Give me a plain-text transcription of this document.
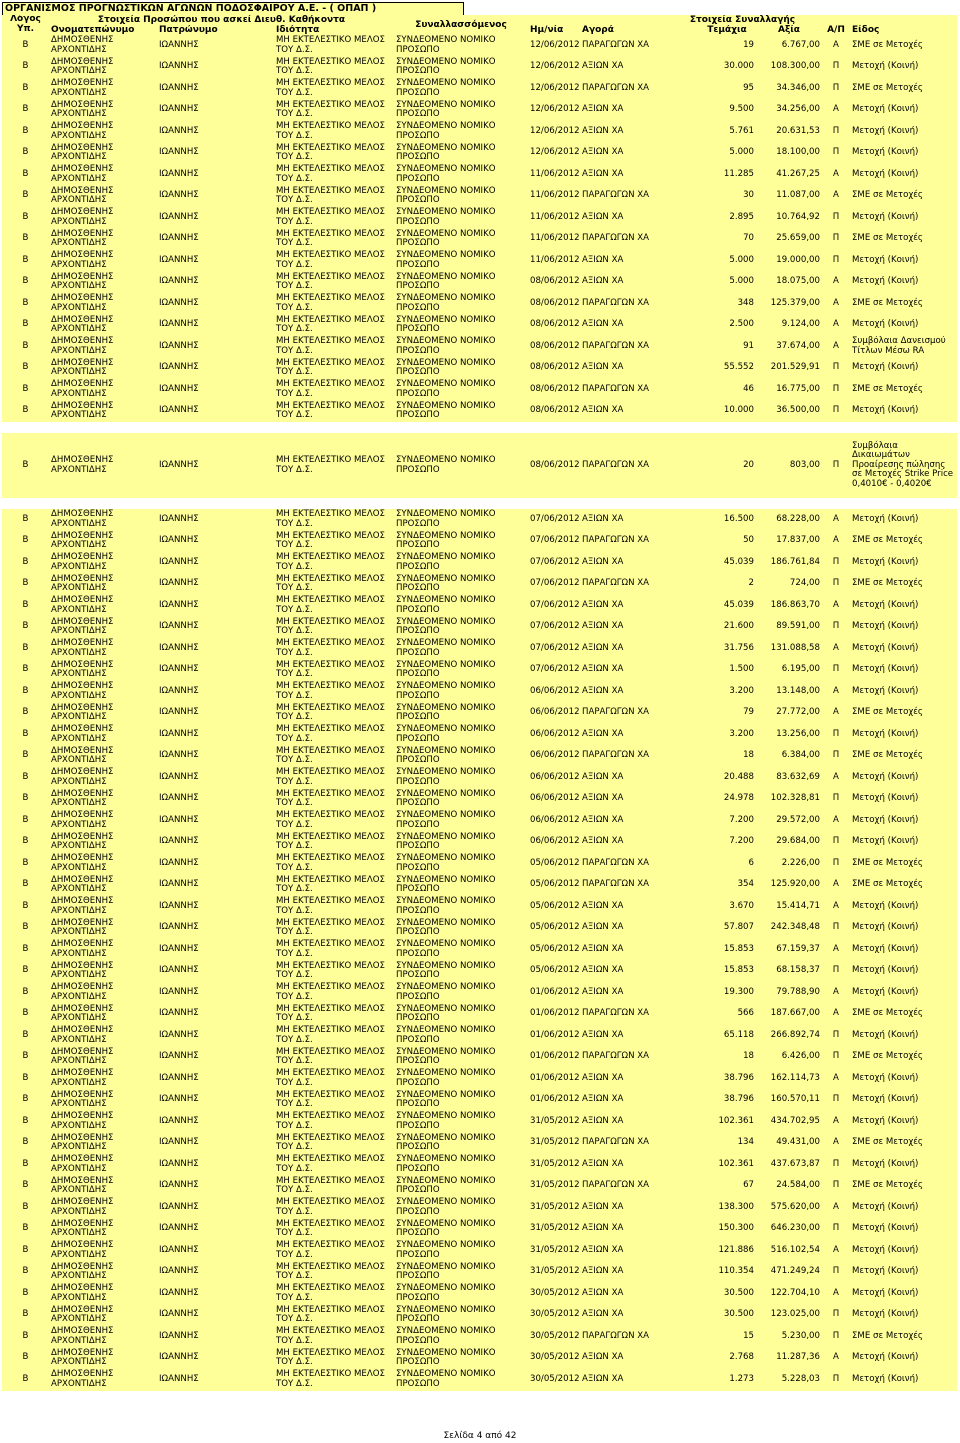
ΟΡΓΑΝΙΣΜΟΣ ΠΡΟΓΝΩΣΤΙΚΩΝ ΑΓΩΝΩΝ ΠΟΔΟΣΦΑΙΡΟΥ Α.Ε. - ( ΟΠΑΠ )
Λόγος Υπ.	Στοιχεία Προσώπου που ασκεί Διευθ. Καθήκοντα			Συναλλασσόμενος	Στοιχεία Συναλλαγής					
	Ονοματεπώνυμο	Πατρώνυμο	Ιδιότητα		Ημ/νία	Αγορά	Τεμάχια	Αξία	Α/Π	Είδος
Β	ΔΗΜΟΣΘΕΝΗΣ ΑΡΧΟΝΤΙΔΗΣ	ΙΩΑΝΝΗΣ	ΜΗ ΕΚΤΕΛΕΣΤΙΚΟ ΜΕΛΟΣ ΤΟΥ Δ.Σ.	ΣΥΝΔΕΟΜΕΝΟ ΝΟΜΙΚΟ ΠΡΟΣΩΠΟ	12/06/2012	ΠΑΡΑΓΩΓΩΝ ΧΑ	19	6.767,00	Α	ΣΜΕ σε Μετοχές
Β	ΔΗΜΟΣΘΕΝΗΣ ΑΡΧΟΝΤΙΔΗΣ	ΙΩΑΝΝΗΣ	ΜΗ ΕΚΤΕΛΕΣΤΙΚΟ ΜΕΛΟΣ ΤΟΥ Δ.Σ.	ΣΥΝΔΕΟΜΕΝΟ ΝΟΜΙΚΟ ΠΡΟΣΩΠΟ	12/06/2012	ΑΞΙΩΝ ΧΑ	30.000	108.300,00	Π	Μετοχή (Κοινή)
Β	ΔΗΜΟΣΘΕΝΗΣ ΑΡΧΟΝΤΙΔΗΣ	ΙΩΑΝΝΗΣ	ΜΗ ΕΚΤΕΛΕΣΤΙΚΟ ΜΕΛΟΣ ΤΟΥ Δ.Σ.	ΣΥΝΔΕΟΜΕΝΟ ΝΟΜΙΚΟ ΠΡΟΣΩΠΟ	12/06/2012	ΠΑΡΑΓΩΓΩΝ ΧΑ	95	34.346,00	Π	ΣΜΕ σε Μετοχές
Β	ΔΗΜΟΣΘΕΝΗΣ ΑΡΧΟΝΤΙΔΗΣ	ΙΩΑΝΝΗΣ	ΜΗ ΕΚΤΕΛΕΣΤΙΚΟ ΜΕΛΟΣ ΤΟΥ Δ.Σ.	ΣΥΝΔΕΟΜΕΝΟ ΝΟΜΙΚΟ ΠΡΟΣΩΠΟ	12/06/2012	ΑΞΙΩΝ ΧΑ	9.500	34.256,00	Α	Μετοχή (Κοινή)
Β	ΔΗΜΟΣΘΕΝΗΣ ΑΡΧΟΝΤΙΔΗΣ	ΙΩΑΝΝΗΣ	ΜΗ ΕΚΤΕΛΕΣΤΙΚΟ ΜΕΛΟΣ ΤΟΥ Δ.Σ.	ΣΥΝΔΕΟΜΕΝΟ ΝΟΜΙΚΟ ΠΡΟΣΩΠΟ	12/06/2012	ΑΞΙΩΝ ΧΑ	5.761	20.631,53	Π	Μετοχή (Κοινή)
Β	ΔΗΜΟΣΘΕΝΗΣ ΑΡΧΟΝΤΙΔΗΣ	ΙΩΑΝΝΗΣ	ΜΗ ΕΚΤΕΛΕΣΤΙΚΟ ΜΕΛΟΣ ΤΟΥ Δ.Σ.	ΣΥΝΔΕΟΜΕΝΟ ΝΟΜΙΚΟ ΠΡΟΣΩΠΟ	12/06/2012	ΑΞΙΩΝ ΧΑ	5.000	18.100,00	Π	Μετοχή (Κοινή)
Β	ΔΗΜΟΣΘΕΝΗΣ ΑΡΧΟΝΤΙΔΗΣ	ΙΩΑΝΝΗΣ	ΜΗ ΕΚΤΕΛΕΣΤΙΚΟ ΜΕΛΟΣ ΤΟΥ Δ.Σ.	ΣΥΝΔΕΟΜΕΝΟ ΝΟΜΙΚΟ ΠΡΟΣΩΠΟ	11/06/2012	ΑΞΙΩΝ ΧΑ	11.285	41.267,25	Α	Μετοχή (Κοινή)
Β	ΔΗΜΟΣΘΕΝΗΣ ΑΡΧΟΝΤΙΔΗΣ	ΙΩΑΝΝΗΣ	ΜΗ ΕΚΤΕΛΕΣΤΙΚΟ ΜΕΛΟΣ ΤΟΥ Δ.Σ.	ΣΥΝΔΕΟΜΕΝΟ ΝΟΜΙΚΟ ΠΡΟΣΩΠΟ	11/06/2012	ΠΑΡΑΓΩΓΩΝ ΧΑ	30	11.087,00	Α	ΣΜΕ σε Μετοχές
Β	ΔΗΜΟΣΘΕΝΗΣ ΑΡΧΟΝΤΙΔΗΣ	ΙΩΑΝΝΗΣ	ΜΗ ΕΚΤΕΛΕΣΤΙΚΟ ΜΕΛΟΣ ΤΟΥ Δ.Σ.	ΣΥΝΔΕΟΜΕΝΟ ΝΟΜΙΚΟ ΠΡΟΣΩΠΟ	11/06/2012	ΑΞΙΩΝ ΧΑ	2.895	10.764,92	Π	Μετοχή (Κοινή)
Β	ΔΗΜΟΣΘΕΝΗΣ ΑΡΧΟΝΤΙΔΗΣ	ΙΩΑΝΝΗΣ	ΜΗ ΕΚΤΕΛΕΣΤΙΚΟ ΜΕΛΟΣ ΤΟΥ Δ.Σ.	ΣΥΝΔΕΟΜΕΝΟ ΝΟΜΙΚΟ ΠΡΟΣΩΠΟ	11/06/2012	ΠΑΡΑΓΩΓΩΝ ΧΑ	70	25.659,00	Π	ΣΜΕ σε Μετοχές
Β	ΔΗΜΟΣΘΕΝΗΣ ΑΡΧΟΝΤΙΔΗΣ	ΙΩΑΝΝΗΣ	ΜΗ ΕΚΤΕΛΕΣΤΙΚΟ ΜΕΛΟΣ ΤΟΥ Δ.Σ.	ΣΥΝΔΕΟΜΕΝΟ ΝΟΜΙΚΟ ΠΡΟΣΩΠΟ	11/06/2012	ΑΞΙΩΝ ΧΑ	5.000	19.000,00	Π	Μετοχή (Κοινή)
Β	ΔΗΜΟΣΘΕΝΗΣ ΑΡΧΟΝΤΙΔΗΣ	ΙΩΑΝΝΗΣ	ΜΗ ΕΚΤΕΛΕΣΤΙΚΟ ΜΕΛΟΣ ΤΟΥ Δ.Σ.	ΣΥΝΔΕΟΜΕΝΟ ΝΟΜΙΚΟ ΠΡΟΣΩΠΟ	08/06/2012	ΑΞΙΩΝ ΧΑ	5.000	18.075,00	Α	Μετοχή (Κοινή)
Β	ΔΗΜΟΣΘΕΝΗΣ ΑΡΧΟΝΤΙΔΗΣ	ΙΩΑΝΝΗΣ	ΜΗ ΕΚΤΕΛΕΣΤΙΚΟ ΜΕΛΟΣ ΤΟΥ Δ.Σ.	ΣΥΝΔΕΟΜΕΝΟ ΝΟΜΙΚΟ ΠΡΟΣΩΠΟ	08/06/2012	ΠΑΡΑΓΩΓΩΝ ΧΑ	348	125.379,00	Α	ΣΜΕ σε Μετοχές
Β	ΔΗΜΟΣΘΕΝΗΣ ΑΡΧΟΝΤΙΔΗΣ	ΙΩΑΝΝΗΣ	ΜΗ ΕΚΤΕΛΕΣΤΙΚΟ ΜΕΛΟΣ ΤΟΥ Δ.Σ.	ΣΥΝΔΕΟΜΕΝΟ ΝΟΜΙΚΟ ΠΡΟΣΩΠΟ	08/06/2012	ΑΞΙΩΝ ΧΑ	2.500	9.124,00	Α	Μετοχή (Κοινή)
Β	ΔΗΜΟΣΘΕΝΗΣ ΑΡΧΟΝΤΙΔΗΣ	ΙΩΑΝΝΗΣ	ΜΗ ΕΚΤΕΛΕΣΤΙΚΟ ΜΕΛΟΣ ΤΟΥ Δ.Σ.	ΣΥΝΔΕΟΜΕΝΟ ΝΟΜΙΚΟ ΠΡΟΣΩΠΟ	08/06/2012	ΠΑΡΑΓΩΓΩΝ ΧΑ	91	37.674,00	Α	Συμβόλαια Δανεισμού Τίτλων Μέσω RA
Β	ΔΗΜΟΣΘΕΝΗΣ ΑΡΧΟΝΤΙΔΗΣ	ΙΩΑΝΝΗΣ	ΜΗ ΕΚΤΕΛΕΣΤΙΚΟ ΜΕΛΟΣ ΤΟΥ Δ.Σ.	ΣΥΝΔΕΟΜΕΝΟ ΝΟΜΙΚΟ ΠΡΟΣΩΠΟ	08/06/2012	ΑΞΙΩΝ ΧΑ	55.552	201.529,91	Π	Μετοχή (Κοινή)
Β	ΔΗΜΟΣΘΕΝΗΣ ΑΡΧΟΝΤΙΔΗΣ	ΙΩΑΝΝΗΣ	ΜΗ ΕΚΤΕΛΕΣΤΙΚΟ ΜΕΛΟΣ ΤΟΥ Δ.Σ.	ΣΥΝΔΕΟΜΕΝΟ ΝΟΜΙΚΟ ΠΡΟΣΩΠΟ	08/06/2012	ΠΑΡΑΓΩΓΩΝ ΧΑ	46	16.775,00	Π	ΣΜΕ σε Μετοχές
Β	ΔΗΜΟΣΘΕΝΗΣ ΑΡΧΟΝΤΙΔΗΣ	ΙΩΑΝΝΗΣ	ΜΗ ΕΚΤΕΛΕΣΤΙΚΟ ΜΕΛΟΣ ΤΟΥ Δ.Σ.	ΣΥΝΔΕΟΜΕΝΟ ΝΟΜΙΚΟ ΠΡΟΣΩΠΟ	08/06/2012	ΑΞΙΩΝ ΧΑ	10.000	36.500,00	Π	Μετοχή (Κοινή)

Β	ΔΗΜΟΣΘΕΝΗΣ ΑΡΧΟΝΤΙΔΗΣ	ΙΩΑΝΝΗΣ	ΜΗ ΕΚΤΕΛΕΣΤΙΚΟ ΜΕΛΟΣ ΤΟΥ Δ.Σ.	ΣΥΝΔΕΟΜΕΝΟ ΝΟΜΙΚΟ ΠΡΟΣΩΠΟ	08/06/2012	ΠΑΡΑΓΩΓΩΝ ΧΑ	20	803,00	Π	Συμβόλαια Δικαιωμάτων Προαίρεσης πώλησης σε Μετοχές Strike Price 0,4010€ - 0,4020€

Β	ΔΗΜΟΣΘΕΝΗΣ ΑΡΧΟΝΤΙΔΗΣ	ΙΩΑΝΝΗΣ	ΜΗ ΕΚΤΕΛΕΣΤΙΚΟ ΜΕΛΟΣ ΤΟΥ Δ.Σ.	ΣΥΝΔΕΟΜΕΝΟ ΝΟΜΙΚΟ ΠΡΟΣΩΠΟ	07/06/2012	ΑΞΙΩΝ ΧΑ	16.500	68.228,00	Α	Μετοχή (Κοινή)
Β	ΔΗΜΟΣΘΕΝΗΣ ΑΡΧΟΝΤΙΔΗΣ	ΙΩΑΝΝΗΣ	ΜΗ ΕΚΤΕΛΕΣΤΙΚΟ ΜΕΛΟΣ ΤΟΥ Δ.Σ.	ΣΥΝΔΕΟΜΕΝΟ ΝΟΜΙΚΟ ΠΡΟΣΩΠΟ	07/06/2012	ΠΑΡΑΓΩΓΩΝ ΧΑ	50	17.837,00	Α	ΣΜΕ σε Μετοχές
Β	ΔΗΜΟΣΘΕΝΗΣ ΑΡΧΟΝΤΙΔΗΣ	ΙΩΑΝΝΗΣ	ΜΗ ΕΚΤΕΛΕΣΤΙΚΟ ΜΕΛΟΣ ΤΟΥ Δ.Σ.	ΣΥΝΔΕΟΜΕΝΟ ΝΟΜΙΚΟ ΠΡΟΣΩΠΟ	07/06/2012	ΑΞΙΩΝ ΧΑ	45.039	186.761,84	Π	Μετοχή (Κοινή)
Β	ΔΗΜΟΣΘΕΝΗΣ ΑΡΧΟΝΤΙΔΗΣ	ΙΩΑΝΝΗΣ	ΜΗ ΕΚΤΕΛΕΣΤΙΚΟ ΜΕΛΟΣ ΤΟΥ Δ.Σ.	ΣΥΝΔΕΟΜΕΝΟ ΝΟΜΙΚΟ ΠΡΟΣΩΠΟ	07/06/2012	ΠΑΡΑΓΩΓΩΝ ΧΑ	2	724,00	Π	ΣΜΕ σε Μετοχές
Β	ΔΗΜΟΣΘΕΝΗΣ ΑΡΧΟΝΤΙΔΗΣ	ΙΩΑΝΝΗΣ	ΜΗ ΕΚΤΕΛΕΣΤΙΚΟ ΜΕΛΟΣ ΤΟΥ Δ.Σ.	ΣΥΝΔΕΟΜΕΝΟ ΝΟΜΙΚΟ ΠΡΟΣΩΠΟ	07/06/2012	ΑΞΙΩΝ ΧΑ	45.039	186.863,70	Α	Μετοχή (Κοινή)
Β	ΔΗΜΟΣΘΕΝΗΣ ΑΡΧΟΝΤΙΔΗΣ	ΙΩΑΝΝΗΣ	ΜΗ ΕΚΤΕΛΕΣΤΙΚΟ ΜΕΛΟΣ ΤΟΥ Δ.Σ.	ΣΥΝΔΕΟΜΕΝΟ ΝΟΜΙΚΟ ΠΡΟΣΩΠΟ	07/06/2012	ΑΞΙΩΝ ΧΑ	21.600	89.591,00	Π	Μετοχή (Κοινή)
Β	ΔΗΜΟΣΘΕΝΗΣ ΑΡΧΟΝΤΙΔΗΣ	ΙΩΑΝΝΗΣ	ΜΗ ΕΚΤΕΛΕΣΤΙΚΟ ΜΕΛΟΣ ΤΟΥ Δ.Σ.	ΣΥΝΔΕΟΜΕΝΟ ΝΟΜΙΚΟ ΠΡΟΣΩΠΟ	07/06/2012	ΑΞΙΩΝ ΧΑ	31.756	131.088,58	Α	Μετοχή (Κοινή)
Β	ΔΗΜΟΣΘΕΝΗΣ ΑΡΧΟΝΤΙΔΗΣ	ΙΩΑΝΝΗΣ	ΜΗ ΕΚΤΕΛΕΣΤΙΚΟ ΜΕΛΟΣ ΤΟΥ Δ.Σ.	ΣΥΝΔΕΟΜΕΝΟ ΝΟΜΙΚΟ ΠΡΟΣΩΠΟ	07/06/2012	ΑΞΙΩΝ ΧΑ	1.500	6.195,00	Π	Μετοχή (Κοινή)
Β	ΔΗΜΟΣΘΕΝΗΣ ΑΡΧΟΝΤΙΔΗΣ	ΙΩΑΝΝΗΣ	ΜΗ ΕΚΤΕΛΕΣΤΙΚΟ ΜΕΛΟΣ ΤΟΥ Δ.Σ.	ΣΥΝΔΕΟΜΕΝΟ ΝΟΜΙΚΟ ΠΡΟΣΩΠΟ	06/06/2012	ΑΞΙΩΝ ΧΑ	3.200	13.148,00	Α	Μετοχή (Κοινή)
Β	ΔΗΜΟΣΘΕΝΗΣ ΑΡΧΟΝΤΙΔΗΣ	ΙΩΑΝΝΗΣ	ΜΗ ΕΚΤΕΛΕΣΤΙΚΟ ΜΕΛΟΣ ΤΟΥ Δ.Σ.	ΣΥΝΔΕΟΜΕΝΟ ΝΟΜΙΚΟ ΠΡΟΣΩΠΟ	06/06/2012	ΠΑΡΑΓΩΓΩΝ ΧΑ	79	27.772,00	Α	ΣΜΕ σε Μετοχές
Β	ΔΗΜΟΣΘΕΝΗΣ ΑΡΧΟΝΤΙΔΗΣ	ΙΩΑΝΝΗΣ	ΜΗ ΕΚΤΕΛΕΣΤΙΚΟ ΜΕΛΟΣ ΤΟΥ Δ.Σ.	ΣΥΝΔΕΟΜΕΝΟ ΝΟΜΙΚΟ ΠΡΟΣΩΠΟ	06/06/2012	ΑΞΙΩΝ ΧΑ	3.200	13.256,00	Π	Μετοχή (Κοινή)
Β	ΔΗΜΟΣΘΕΝΗΣ ΑΡΧΟΝΤΙΔΗΣ	ΙΩΑΝΝΗΣ	ΜΗ ΕΚΤΕΛΕΣΤΙΚΟ ΜΕΛΟΣ ΤΟΥ Δ.Σ.	ΣΥΝΔΕΟΜΕΝΟ ΝΟΜΙΚΟ ΠΡΟΣΩΠΟ	06/06/2012	ΠΑΡΑΓΩΓΩΝ ΧΑ	18	6.384,00	Π	ΣΜΕ σε Μετοχές
Β	ΔΗΜΟΣΘΕΝΗΣ ΑΡΧΟΝΤΙΔΗΣ	ΙΩΑΝΝΗΣ	ΜΗ ΕΚΤΕΛΕΣΤΙΚΟ ΜΕΛΟΣ ΤΟΥ Δ.Σ.	ΣΥΝΔΕΟΜΕΝΟ ΝΟΜΙΚΟ ΠΡΟΣΩΠΟ	06/06/2012	ΑΞΙΩΝ ΧΑ	20.488	83.632,69	Α	Μετοχή (Κοινή)
Β	ΔΗΜΟΣΘΕΝΗΣ ΑΡΧΟΝΤΙΔΗΣ	ΙΩΑΝΝΗΣ	ΜΗ ΕΚΤΕΛΕΣΤΙΚΟ ΜΕΛΟΣ ΤΟΥ Δ.Σ.	ΣΥΝΔΕΟΜΕΝΟ ΝΟΜΙΚΟ ΠΡΟΣΩΠΟ	06/06/2012	ΑΞΙΩΝ ΧΑ	24.978	102.328,81	Π	Μετοχή (Κοινή)
Β	ΔΗΜΟΣΘΕΝΗΣ ΑΡΧΟΝΤΙΔΗΣ	ΙΩΑΝΝΗΣ	ΜΗ ΕΚΤΕΛΕΣΤΙΚΟ ΜΕΛΟΣ ΤΟΥ Δ.Σ.	ΣΥΝΔΕΟΜΕΝΟ ΝΟΜΙΚΟ ΠΡΟΣΩΠΟ	06/06/2012	ΑΞΙΩΝ ΧΑ	7.200	29.572,00	Α	Μετοχή (Κοινή)
Β	ΔΗΜΟΣΘΕΝΗΣ ΑΡΧΟΝΤΙΔΗΣ	ΙΩΑΝΝΗΣ	ΜΗ ΕΚΤΕΛΕΣΤΙΚΟ ΜΕΛΟΣ ΤΟΥ Δ.Σ.	ΣΥΝΔΕΟΜΕΝΟ ΝΟΜΙΚΟ ΠΡΟΣΩΠΟ	06/06/2012	ΑΞΙΩΝ ΧΑ	7.200	29.684,00	Π	Μετοχή (Κοινή)
Β	ΔΗΜΟΣΘΕΝΗΣ ΑΡΧΟΝΤΙΔΗΣ	ΙΩΑΝΝΗΣ	ΜΗ ΕΚΤΕΛΕΣΤΙΚΟ ΜΕΛΟΣ ΤΟΥ Δ.Σ.	ΣΥΝΔΕΟΜΕΝΟ ΝΟΜΙΚΟ ΠΡΟΣΩΠΟ	05/06/2012	ΠΑΡΑΓΩΓΩΝ ΧΑ	6	2.226,00	Π	ΣΜΕ σε Μετοχές
Β	ΔΗΜΟΣΘΕΝΗΣ ΑΡΧΟΝΤΙΔΗΣ	ΙΩΑΝΝΗΣ	ΜΗ ΕΚΤΕΛΕΣΤΙΚΟ ΜΕΛΟΣ ΤΟΥ Δ.Σ.	ΣΥΝΔΕΟΜΕΝΟ ΝΟΜΙΚΟ ΠΡΟΣΩΠΟ	05/06/2012	ΠΑΡΑΓΩΓΩΝ ΧΑ	354	125.920,00	Α	ΣΜΕ σε Μετοχές
Β	ΔΗΜΟΣΘΕΝΗΣ ΑΡΧΟΝΤΙΔΗΣ	ΙΩΑΝΝΗΣ	ΜΗ ΕΚΤΕΛΕΣΤΙΚΟ ΜΕΛΟΣ ΤΟΥ Δ.Σ.	ΣΥΝΔΕΟΜΕΝΟ ΝΟΜΙΚΟ ΠΡΟΣΩΠΟ	05/06/2012	ΑΞΙΩΝ ΧΑ	3.670	15.414,71	Α	Μετοχή (Κοινή)
Β	ΔΗΜΟΣΘΕΝΗΣ ΑΡΧΟΝΤΙΔΗΣ	ΙΩΑΝΝΗΣ	ΜΗ ΕΚΤΕΛΕΣΤΙΚΟ ΜΕΛΟΣ ΤΟΥ Δ.Σ.	ΣΥΝΔΕΟΜΕΝΟ ΝΟΜΙΚΟ ΠΡΟΣΩΠΟ	05/06/2012	ΑΞΙΩΝ ΧΑ	57.807	242.348,48	Π	Μετοχή (Κοινή)
Β	ΔΗΜΟΣΘΕΝΗΣ ΑΡΧΟΝΤΙΔΗΣ	ΙΩΑΝΝΗΣ	ΜΗ ΕΚΤΕΛΕΣΤΙΚΟ ΜΕΛΟΣ ΤΟΥ Δ.Σ.	ΣΥΝΔΕΟΜΕΝΟ ΝΟΜΙΚΟ ΠΡΟΣΩΠΟ	05/06/2012	ΑΞΙΩΝ ΧΑ	15.853	67.159,37	Α	Μετοχή (Κοινή)
Β	ΔΗΜΟΣΘΕΝΗΣ ΑΡΧΟΝΤΙΔΗΣ	ΙΩΑΝΝΗΣ	ΜΗ ΕΚΤΕΛΕΣΤΙΚΟ ΜΕΛΟΣ ΤΟΥ Δ.Σ.	ΣΥΝΔΕΟΜΕΝΟ ΝΟΜΙΚΟ ΠΡΟΣΩΠΟ	05/06/2012	ΑΞΙΩΝ ΧΑ	15.853	68.158,37	Π	Μετοχή (Κοινή)
Β	ΔΗΜΟΣΘΕΝΗΣ ΑΡΧΟΝΤΙΔΗΣ	ΙΩΑΝΝΗΣ	ΜΗ ΕΚΤΕΛΕΣΤΙΚΟ ΜΕΛΟΣ ΤΟΥ Δ.Σ.	ΣΥΝΔΕΟΜΕΝΟ ΝΟΜΙΚΟ ΠΡΟΣΩΠΟ	01/06/2012	ΑΞΙΩΝ ΧΑ	19.300	79.788,90	Α	Μετοχή (Κοινή)
Β	ΔΗΜΟΣΘΕΝΗΣ ΑΡΧΟΝΤΙΔΗΣ	ΙΩΑΝΝΗΣ	ΜΗ ΕΚΤΕΛΕΣΤΙΚΟ ΜΕΛΟΣ ΤΟΥ Δ.Σ.	ΣΥΝΔΕΟΜΕΝΟ ΝΟΜΙΚΟ ΠΡΟΣΩΠΟ	01/06/2012	ΠΑΡΑΓΩΓΩΝ ΧΑ	566	187.667,00	Α	ΣΜΕ σε Μετοχές
Β	ΔΗΜΟΣΘΕΝΗΣ ΑΡΧΟΝΤΙΔΗΣ	ΙΩΑΝΝΗΣ	ΜΗ ΕΚΤΕΛΕΣΤΙΚΟ ΜΕΛΟΣ ΤΟΥ Δ.Σ.	ΣΥΝΔΕΟΜΕΝΟ ΝΟΜΙΚΟ ΠΡΟΣΩΠΟ	01/06/2012	ΑΞΙΩΝ ΧΑ	65.118	266.892,74	Π	Μετοχή (Κοινή)
Β	ΔΗΜΟΣΘΕΝΗΣ ΑΡΧΟΝΤΙΔΗΣ	ΙΩΑΝΝΗΣ	ΜΗ ΕΚΤΕΛΕΣΤΙΚΟ ΜΕΛΟΣ ΤΟΥ Δ.Σ.	ΣΥΝΔΕΟΜΕΝΟ ΝΟΜΙΚΟ ΠΡΟΣΩΠΟ	01/06/2012	ΠΑΡΑΓΩΓΩΝ ΧΑ	18	6.426,00	Π	ΣΜΕ σε Μετοχές
Β	ΔΗΜΟΣΘΕΝΗΣ ΑΡΧΟΝΤΙΔΗΣ	ΙΩΑΝΝΗΣ	ΜΗ ΕΚΤΕΛΕΣΤΙΚΟ ΜΕΛΟΣ ΤΟΥ Δ.Σ.	ΣΥΝΔΕΟΜΕΝΟ ΝΟΜΙΚΟ ΠΡΟΣΩΠΟ	01/06/2012	ΑΞΙΩΝ ΧΑ	38.796	162.114,73	Α	Μετοχή (Κοινή)
Β	ΔΗΜΟΣΘΕΝΗΣ ΑΡΧΟΝΤΙΔΗΣ	ΙΩΑΝΝΗΣ	ΜΗ ΕΚΤΕΛΕΣΤΙΚΟ ΜΕΛΟΣ ΤΟΥ Δ.Σ.	ΣΥΝΔΕΟΜΕΝΟ ΝΟΜΙΚΟ ΠΡΟΣΩΠΟ	01/06/2012	ΑΞΙΩΝ ΧΑ	38.796	160.570,11	Π	Μετοχή (Κοινή)
Β	ΔΗΜΟΣΘΕΝΗΣ ΑΡΧΟΝΤΙΔΗΣ	ΙΩΑΝΝΗΣ	ΜΗ ΕΚΤΕΛΕΣΤΙΚΟ ΜΕΛΟΣ ΤΟΥ Δ.Σ.	ΣΥΝΔΕΟΜΕΝΟ ΝΟΜΙΚΟ ΠΡΟΣΩΠΟ	31/05/2012	ΑΞΙΩΝ ΧΑ	102.361	434.702,95	Α	Μετοχή (Κοινή)
Β	ΔΗΜΟΣΘΕΝΗΣ ΑΡΧΟΝΤΙΔΗΣ	ΙΩΑΝΝΗΣ	ΜΗ ΕΚΤΕΛΕΣΤΙΚΟ ΜΕΛΟΣ ΤΟΥ Δ.Σ.	ΣΥΝΔΕΟΜΕΝΟ ΝΟΜΙΚΟ ΠΡΟΣΩΠΟ	31/05/2012	ΠΑΡΑΓΩΓΩΝ ΧΑ	134	49.431,00	Α	ΣΜΕ σε Μετοχές
Β	ΔΗΜΟΣΘΕΝΗΣ ΑΡΧΟΝΤΙΔΗΣ	ΙΩΑΝΝΗΣ	ΜΗ ΕΚΤΕΛΕΣΤΙΚΟ ΜΕΛΟΣ ΤΟΥ Δ.Σ.	ΣΥΝΔΕΟΜΕΝΟ ΝΟΜΙΚΟ ΠΡΟΣΩΠΟ	31/05/2012	ΑΞΙΩΝ ΧΑ	102.361	437.673,87	Π	Μετοχή (Κοινή)
Β	ΔΗΜΟΣΘΕΝΗΣ ΑΡΧΟΝΤΙΔΗΣ	ΙΩΑΝΝΗΣ	ΜΗ ΕΚΤΕΛΕΣΤΙΚΟ ΜΕΛΟΣ ΤΟΥ Δ.Σ.	ΣΥΝΔΕΟΜΕΝΟ ΝΟΜΙΚΟ ΠΡΟΣΩΠΟ	31/05/2012	ΠΑΡΑΓΩΓΩΝ ΧΑ	67	24.584,00	Π	ΣΜΕ σε Μετοχές
Β	ΔΗΜΟΣΘΕΝΗΣ ΑΡΧΟΝΤΙΔΗΣ	ΙΩΑΝΝΗΣ	ΜΗ ΕΚΤΕΛΕΣΤΙΚΟ ΜΕΛΟΣ ΤΟΥ Δ.Σ.	ΣΥΝΔΕΟΜΕΝΟ ΝΟΜΙΚΟ ΠΡΟΣΩΠΟ	31/05/2012	ΑΞΙΩΝ ΧΑ	138.300	575.620,00	Α	Μετοχή (Κοινή)
Β	ΔΗΜΟΣΘΕΝΗΣ ΑΡΧΟΝΤΙΔΗΣ	ΙΩΑΝΝΗΣ	ΜΗ ΕΚΤΕΛΕΣΤΙΚΟ ΜΕΛΟΣ ΤΟΥ Δ.Σ.	ΣΥΝΔΕΟΜΕΝΟ ΝΟΜΙΚΟ ΠΡΟΣΩΠΟ	31/05/2012	ΑΞΙΩΝ ΧΑ	150.300	646.230,00	Π	Μετοχή (Κοινή)
Β	ΔΗΜΟΣΘΕΝΗΣ ΑΡΧΟΝΤΙΔΗΣ	ΙΩΑΝΝΗΣ	ΜΗ ΕΚΤΕΛΕΣΤΙΚΟ ΜΕΛΟΣ ΤΟΥ Δ.Σ.	ΣΥΝΔΕΟΜΕΝΟ ΝΟΜΙΚΟ ΠΡΟΣΩΠΟ	31/05/2012	ΑΞΙΩΝ ΧΑ	121.886	516.102,54	Α	Μετοχή (Κοινή)
Β	ΔΗΜΟΣΘΕΝΗΣ ΑΡΧΟΝΤΙΔΗΣ	ΙΩΑΝΝΗΣ	ΜΗ ΕΚΤΕΛΕΣΤΙΚΟ ΜΕΛΟΣ ΤΟΥ Δ.Σ.	ΣΥΝΔΕΟΜΕΝΟ ΝΟΜΙΚΟ ΠΡΟΣΩΠΟ	31/05/2012	ΑΞΙΩΝ ΧΑ	110.354	471.249,24	Π	Μετοχή (Κοινή)
Β	ΔΗΜΟΣΘΕΝΗΣ ΑΡΧΟΝΤΙΔΗΣ	ΙΩΑΝΝΗΣ	ΜΗ ΕΚΤΕΛΕΣΤΙΚΟ ΜΕΛΟΣ ΤΟΥ Δ.Σ.	ΣΥΝΔΕΟΜΕΝΟ ΝΟΜΙΚΟ ΠΡΟΣΩΠΟ	30/05/2012	ΑΞΙΩΝ ΧΑ	30.500	122.704,10	Α	Μετοχή (Κοινή)
Β	ΔΗΜΟΣΘΕΝΗΣ ΑΡΧΟΝΤΙΔΗΣ	ΙΩΑΝΝΗΣ	ΜΗ ΕΚΤΕΛΕΣΤΙΚΟ ΜΕΛΟΣ ΤΟΥ Δ.Σ.	ΣΥΝΔΕΟΜΕΝΟ ΝΟΜΙΚΟ ΠΡΟΣΩΠΟ	30/05/2012	ΑΞΙΩΝ ΧΑ	30.500	123.025,00	Π	Μετοχή (Κοινή)
Β	ΔΗΜΟΣΘΕΝΗΣ ΑΡΧΟΝΤΙΔΗΣ	ΙΩΑΝΝΗΣ	ΜΗ ΕΚΤΕΛΕΣΤΙΚΟ ΜΕΛΟΣ ΤΟΥ Δ.Σ.	ΣΥΝΔΕΟΜΕΝΟ ΝΟΜΙΚΟ ΠΡΟΣΩΠΟ	30/05/2012	ΠΑΡΑΓΩΓΩΝ ΧΑ	15	5.230,00	Π	ΣΜΕ σε Μετοχές
Β	ΔΗΜΟΣΘΕΝΗΣ ΑΡΧΟΝΤΙΔΗΣ	ΙΩΑΝΝΗΣ	ΜΗ ΕΚΤΕΛΕΣΤΙΚΟ ΜΕΛΟΣ ΤΟΥ Δ.Σ.	ΣΥΝΔΕΟΜΕΝΟ ΝΟΜΙΚΟ ΠΡΟΣΩΠΟ	30/05/2012	ΑΞΙΩΝ ΧΑ	2.768	11.287,36	Α	Μετοχή (Κοινή)
Β	ΔΗΜΟΣΘΕΝΗΣ ΑΡΧΟΝΤΙΔΗΣ	ΙΩΑΝΝΗΣ	ΜΗ ΕΚΤΕΛΕΣΤΙΚΟ ΜΕΛΟΣ ΤΟΥ Δ.Σ.	ΣΥΝΔΕΟΜΕΝΟ ΝΟΜΙΚΟ ΠΡΟΣΩΠΟ	30/05/2012	ΑΞΙΩΝ ΧΑ	1.273	5.228,03	Π	Μετοχή (Κοινή)
Σελίδα 4 από 42
